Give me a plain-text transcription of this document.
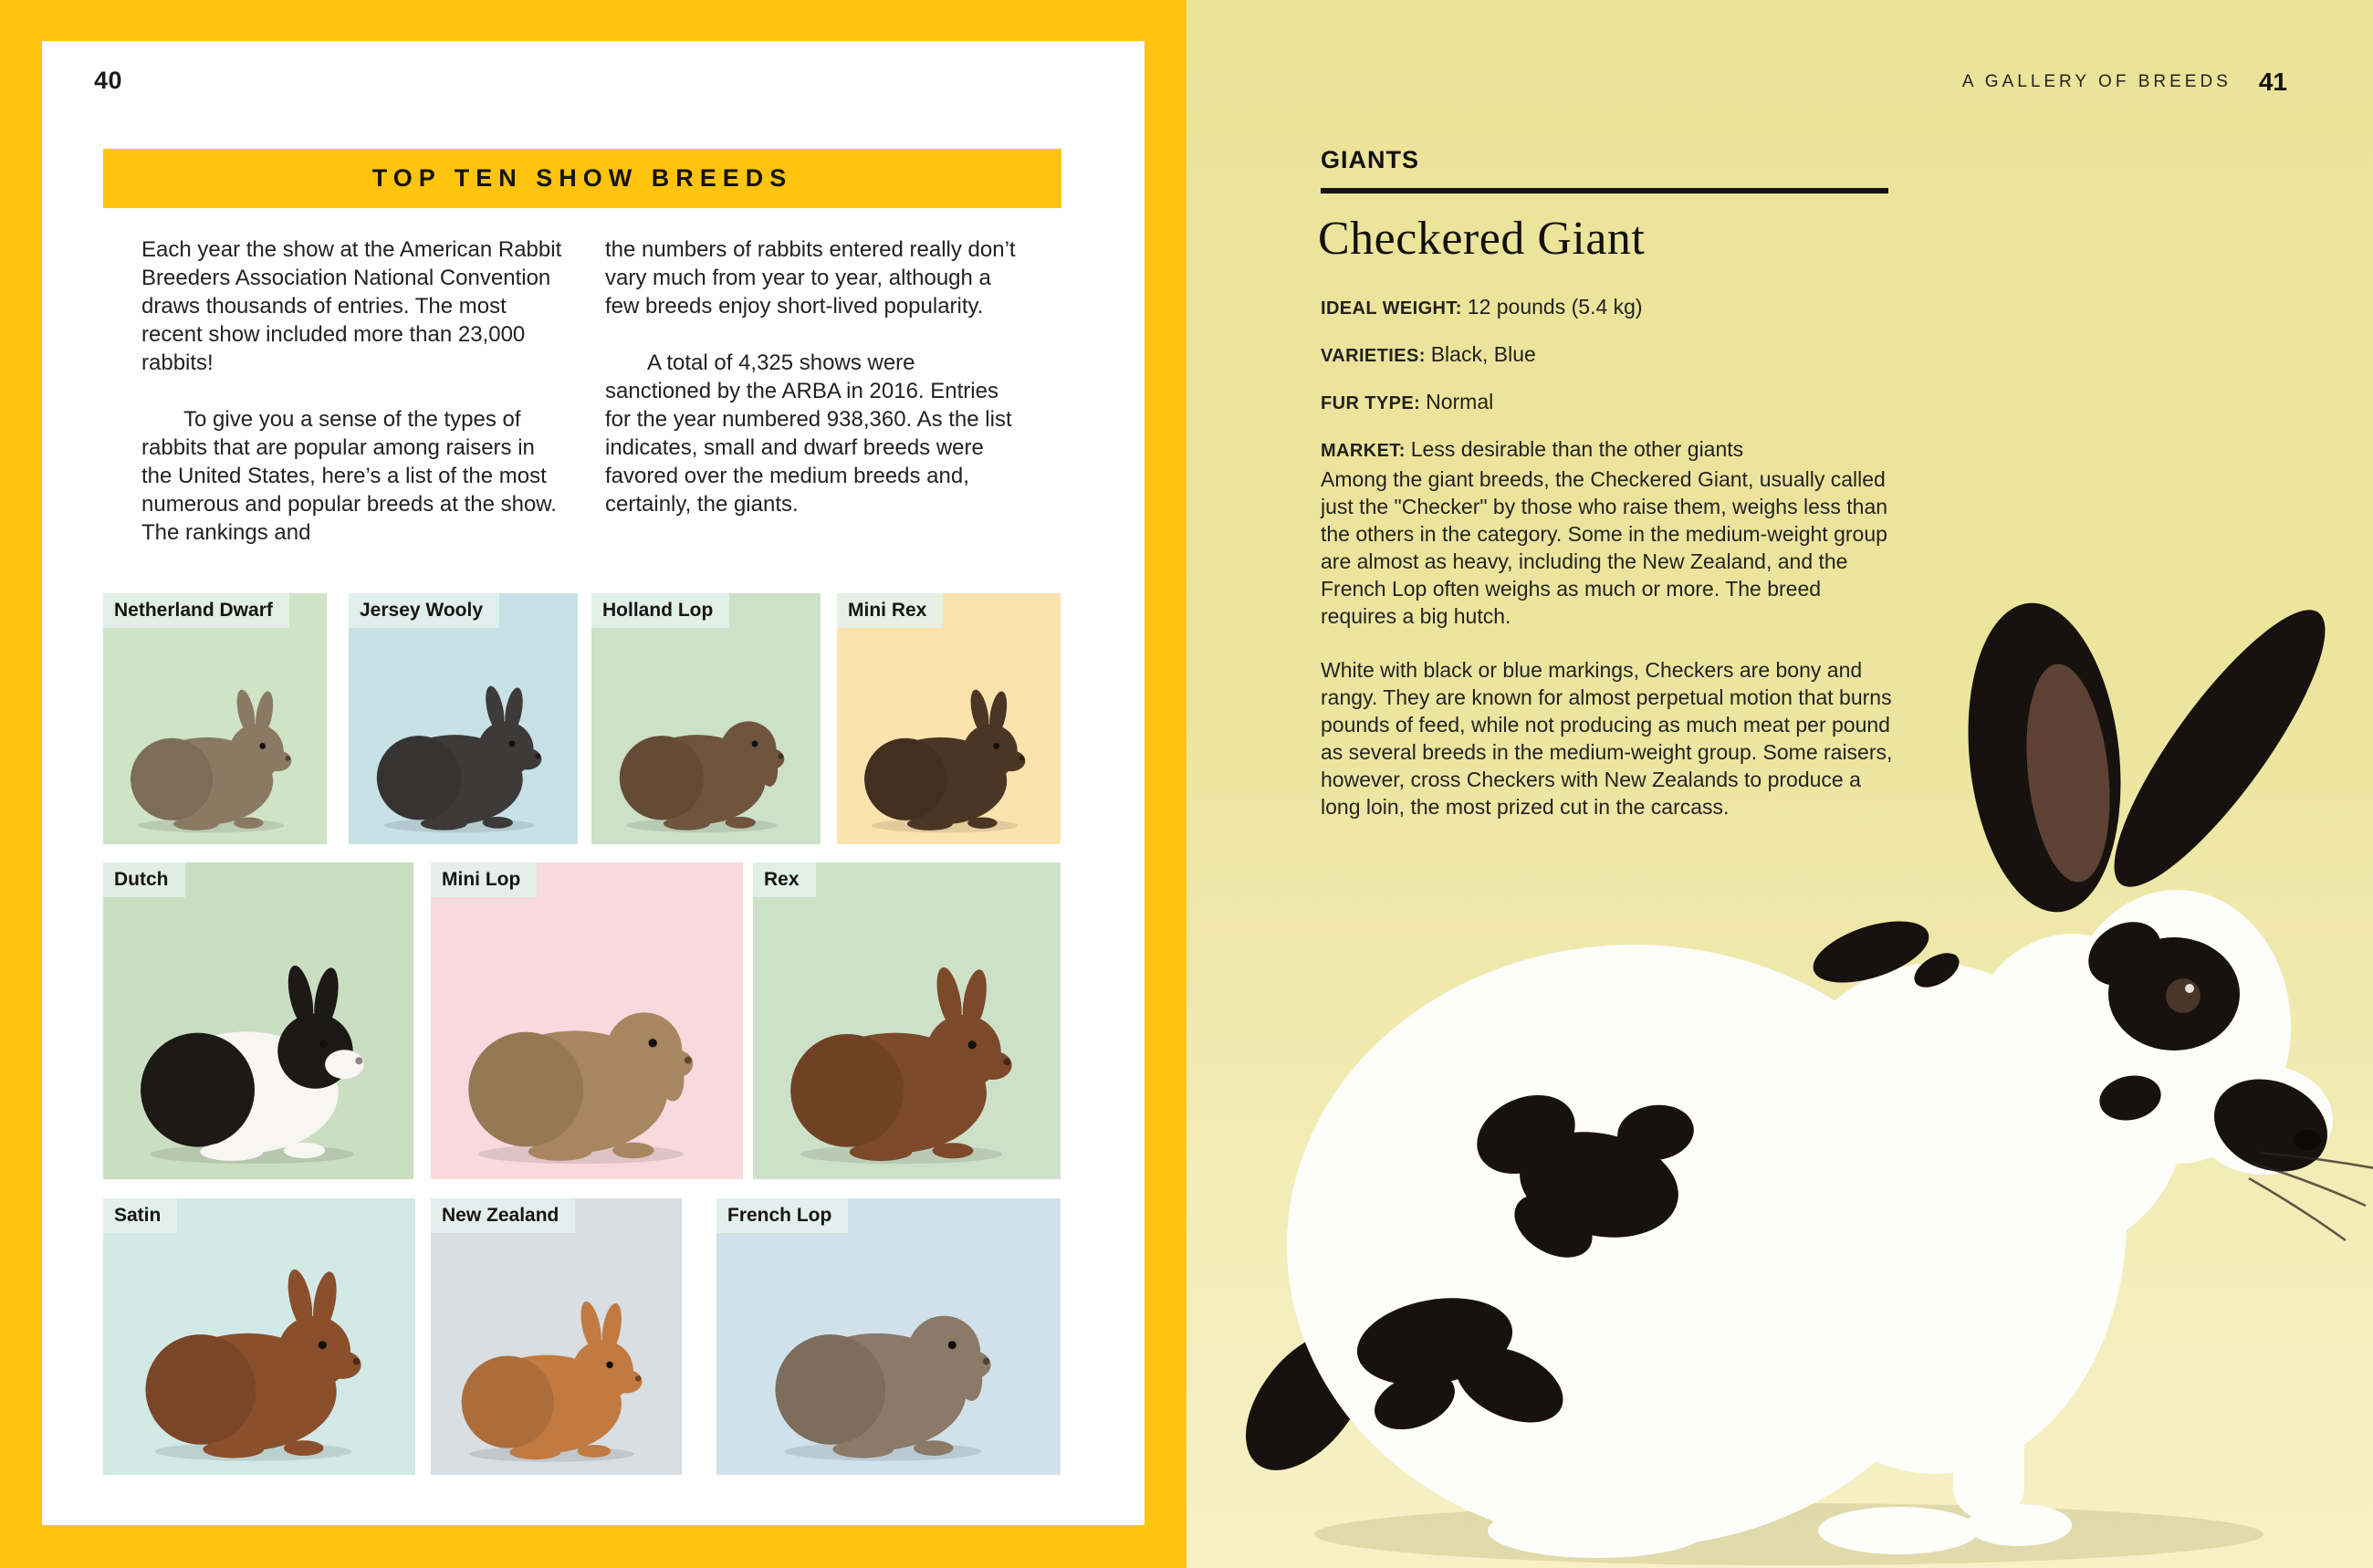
40
TOP TEN SHOW BREEDS

Each year the show at the American Rabbit Breeders Association National Convention draws thousands of entries. The most recent show included more than 23,000 rabbits!

To give you a sense of the types of rabbits that are popular among raisers in the United States, here’s a list of the most numerous and popular breeds at the show. The rankings and

the numbers of rabbits entered really don’t vary much from year to year, although a few breeds enjoy short-lived popularity.

A total of 4,325 shows were sanctioned by the ARBA in 2016. Entries for the year numbered 938,360. As the list indicates, small and dwarf breeds were favored over the medium breeds and, certainly, the giants.

Netherland Dwarf	Jersey Wooly	Holland Lop	Mini Rex
Dutch	Mini Lop	Rex
Satin	New Zealand	French Lop
A GALLERY OF BREEDS 41
GIANTS
Checkered Giant
IDEAL WEIGHT: 12 pounds (5.4 kg)
VARIETIES: Black, Blue
FUR TYPE: Normal
MARKET: Less desirable than the other giants

Among the giant breeds, the Checkered Giant, usually called just the "Checker" by those who raise them, weighs less than the others in the category. Some in the medium-weight group are almost as heavy, including the New Zealand, and the French Lop often weighs as much or more. The breed requires a big hutch.

White with black or blue markings, Checkers are bony and rangy. They are known for almost perpetual motion that burns pounds of feed, while not producing as much meat per pound as several breeds in the medium-weight group. Some raisers, however, cross Checkers with New Zealands to produce a long loin, the most prized cut in the carcass.
